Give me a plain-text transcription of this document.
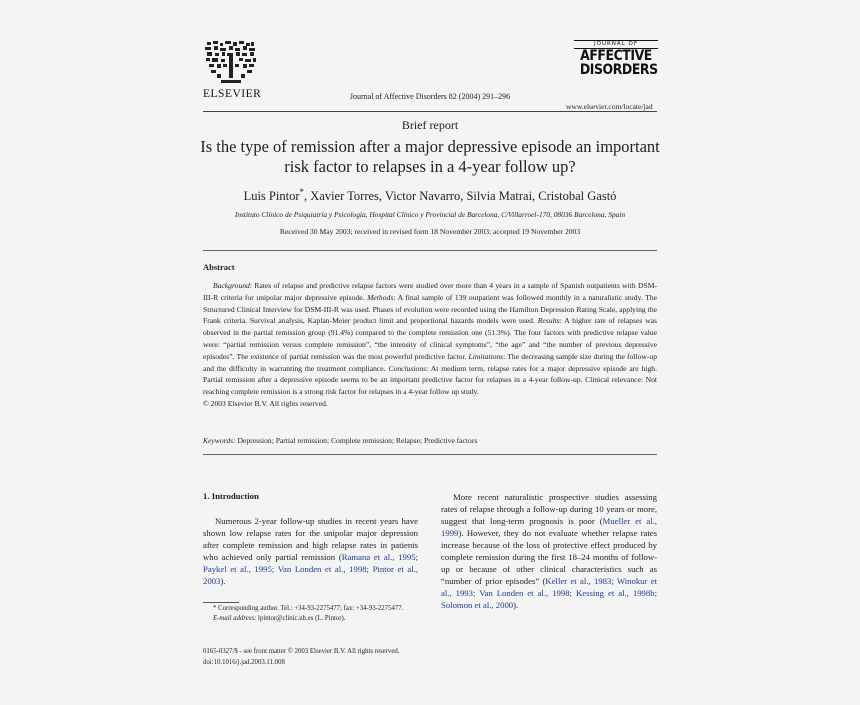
ELSEVIER	Journal of Affective Disorders 82 (2004) 291–296
JOURNAL OF
AFFECTIVE
DISORDERS
www.elsevier.com/locate/jad
Brief report
Is the type of remission after a major depressive episode an important risk factor to relapses in a 4-year follow up?
Luis Pintor*, Xavier Torres, Victor Navarro, Silvia Matrai, Cristobal Gastó
Instituto Clínico de Psiquiatría y Psicología, Hospital Clínico y Provincial de Barcelona, C/Villarroel-170, 08036 Barcelona, Spain
Received 30 May 2003; received in revised form 18 November 2003; accepted 19 November 2003
Abstract

Background: Rates of relapse and predictive relapse factors were studied over more than 4 years in a sample of Spanish outpatients with DSM-III-R criteria for unipolar major depressive episode. Methods: A final sample of 139 outpatient was followed monthly in a naturalistic study. The Structured Clinical Interview for DSM-III-R was used. Phases of evolution were recorded using the Hamilton Depression Rating Scale, applying the Frank criteria. Survival analysis, Kaplan-Meier product limit and proportional hazards models were used. Results: A higher rate of relapses was observed in the partial remission group (91.4%) compared to the complete remission one (51.3%). The four factors with predictive relapse value were: “partial remission versus complete remission”, “the intensity of clinical symptoms”, “the age” and “the number of previous depressive episodes”. The existence of partial remission was the most powerful predictive factor. Limitations: The decreasing sample size during the follow-up and the difficulty in warranting the treatment compliance. Conclusions: At medium term, relapse rates for a major depressive episode are high. Partial remission after a depressive episode seems to be an important predictive factor for relapses in a 4-year follow-up. Clinical relevance: Not reaching complete remission is a strong risk factor for relapses in a 4-year follow up study.

© 2003 Elsevier B.V. All rights reserved.

Keywords: Depression; Partial remission; Complete remission; Relapse; Predictive factors
1. Introduction
Numerous 2-year follow-up studies in recent years have shown low relapse rates for the unipolar major depression after complete remission and high relapse rates in patients who achieved only partial remission (Ramana et al., 1995; Paykel et al., 1995; Van Londen et al., 1998; Pintor et al., 2003).
More recent naturalistic prospective studies assessing rates of relapse through a follow-up during 10 years or more, suggest that long-term prognosis is poor (Mueller et al., 1999). However, they do not evaluate whether relapse rates increase because of the loss of protective effect produced by complete remission during the first 18–24 months of follow-up or because of other clinical characteristics such as “number of prior episodes” (Keller et al., 1983; Winokur et al., 1993; Van Londen et al., 1998; Kessing et al., 1998b; Solomon et al., 2000).
* Corresponding author. Tel.: +34-93-2275477; fax: +34-93-2275477.
E-mail address: lpintor@clinic.ub.es (L. Pintor).
0165-0327/$ - see front matter © 2003 Elsevier B.V. All rights reserved.
doi:10.1016/j.jad.2003.11.008
